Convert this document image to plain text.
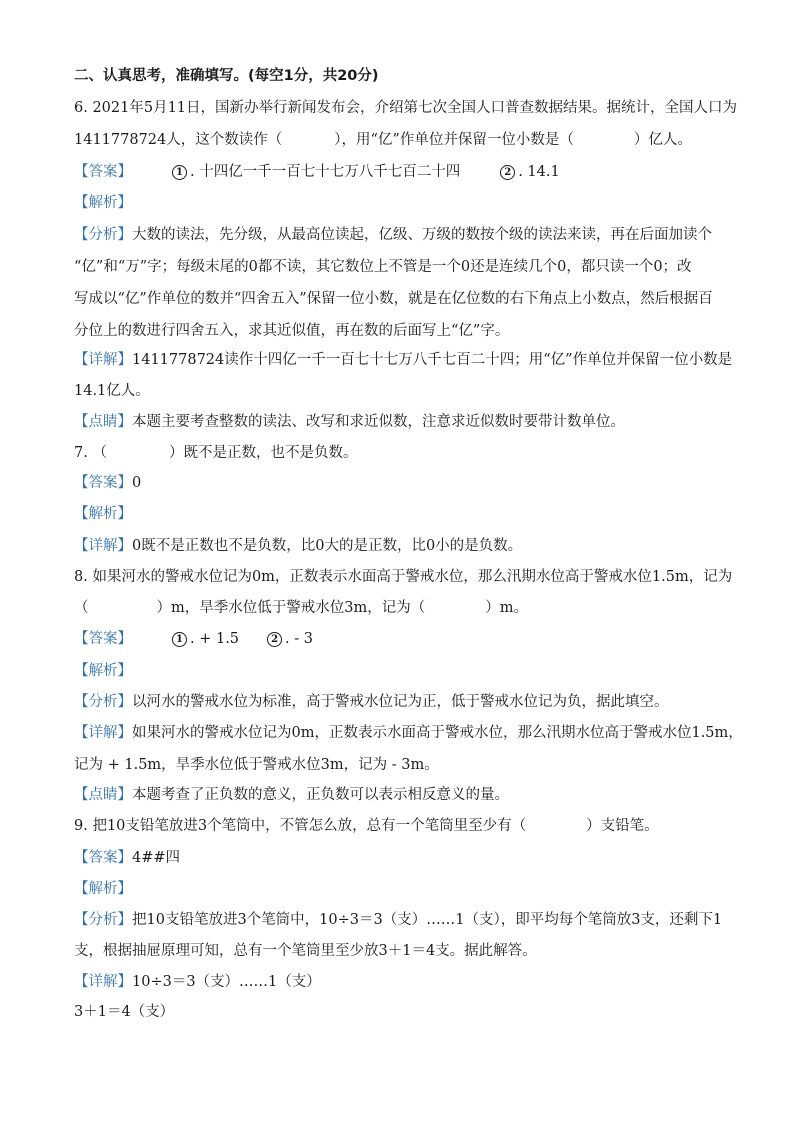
二、认真思考，准确填写。(每空1分，共20分)
6. 2021年5月11日，国新办举行新闻发布会，介绍第七次全国人口普查数据结果。据统计，全国人口为
1411778724人，这个数读作（	），用“亿”作单位并保留一位小数是（	）亿人。
【答案】	1 . 十四亿一千一百七十七万八千七百二十四	2 . 14.1
【解析】
【分析】大数的读法，先分级，从最高位读起，亿级、万级的数按个级的读法来读，再在后面加读个
“亿”和“万”字；每级末尾的0都不读，其它数位上不管是一个0还是连续几个0，都只读一个0；改
写成以“亿”作单位的数并“四舍五入”保留一位小数，就是在亿位数的右下角点上小数点，然后根据百
分位上的数进行四舍五入，求其近似值，再在数的后面写上“亿”字。
【详解】1411778724读作十四亿一千一百七十七万八千七百二十四；用“亿”作单位并保留一位小数是
14.1亿人。
【点睛】本题主要考查整数的读法、改写和求近似数，注意求近似数时要带计数单位。
7. （	）既不是正数，也不是负数。
【答案】0
【解析】
【详解】0既不是正数也不是负数，比0大的是正数，比0小的是负数。
8. 如果河水的警戒水位记为0m，正数表示水面高于警戒水位，那么汛期水位高于警戒水位1.5m，记为
（	）m，旱季水位低于警戒水位3m，记为（	）m。
【答案】	1 . + 1.5	2 . - 3
【解析】
【分析】以河水的警戒水位为标准，高于警戒水位记为正，低于警戒水位记为负，据此填空。
【详解】如果河水的警戒水位记为0m，正数表示水面高于警戒水位，那么汛期水位高于警戒水位1.5m，
记为 + 1.5m，旱季水位低于警戒水位3m，记为 - 3m。
【点睛】本题考查了正负数的意义，正负数可以表示相反意义的量。
9. 把10支铅笔放进3个笔筒中，不管怎么放，总有一个笔筒里至少有（	）支铅笔。
【答案】4##四
【解析】
【分析】把10支铅笔放进3个笔筒中，10÷3＝3（支）……1（支），即平均每个笔筒放3支，还剩下1
支，根据抽屉原理可知，总有一个笔筒里至少放3＋1＝4支。据此解答。
【详解】10÷3＝3（支）……1（支）
3＋1＝4（支）
